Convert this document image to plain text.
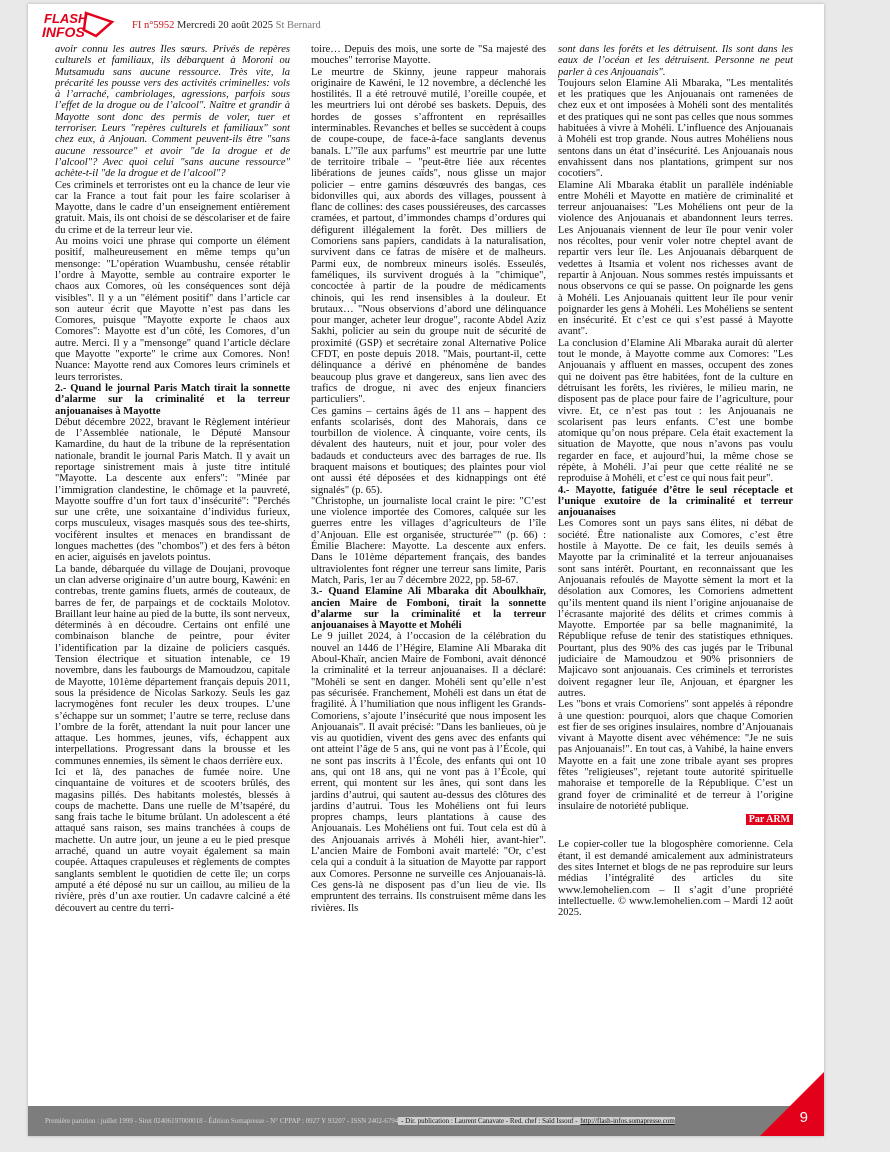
FLASH
INFOS	FI n°5952 Mercredi 20 août 2025 St Bernard

avoir connu les autres Îles sœurs. Privés de repères culturels et familiaux, ils débarquent à Moroni ou Mutsamudu sans aucune ressource. Très vite, la précarité les pousse vers des activités criminelles: vols à l’arraché, cambriolages, agressions, parfois sous l’effet de la drogue ou de l’alcool". Naître et grandir à Mayotte sont donc des permis de voler, tuer et terroriser. Leurs "repères culturels et familiaux" sont chez eux, à Anjouan. Comment peuvent-ils être "sans aucune ressource" et avoir "de la drogue et de l’alcool"? Avec quoi celui "sans aucune ressource" achète-t-il "de la drogue et de l’alcool"?

Ces criminels et terroristes ont eu la chance de leur vie car la France a tout fait pour les faire scolariser à Mayotte, dans le cadre d’un enseignement entièrement gratuit. Mais, ils ont choisi de se déscolariser et de faire du crime et de la terreur leur vie.

Au moins voici une phrase qui comporte un élément positif, malheureusement en même temps qu’un mensonge: "L’opération Wuambushu, censée rétablir l’ordre à Mayotte, semble au contraire exporter le chaos aux Comores, où les conséquences sont déjà visibles". Il y a un "élément positif" dans l’article car son auteur écrit que Mayotte n’est pas dans les Comores, puisque "Mayotte exporte le chaos aux Comores": Mayotte est d’un côté, les Comores, d’un autre. Merci. Il y a "mensonge" quand l’article déclare que Mayotte "exporte" le crime aux Comores. Non! Nuance: Mayotte rend aux Comores leurs criminels et leurs terroristes.

2.- Quand le journal Paris Match tirait la sonnette d’alarme sur la criminalité et la terreur anjouanaises à Mayotte

Début décembre 2022, bravant le Règlement intérieur de l’Assemblée nationale, le Député Mansour Kamardine, du haut de la tribune de la représentation nationale, brandit le journal Paris Match. Il y avait un reportage sinistrement mais à juste titre intitulé "Mayotte. La descente aux enfers": "Minée par l’immigration clandestine, le chômage et la pauvreté, Mayotte souffre d’un fort taux d’insécurité": "Perchés sur une crête, une soixantaine d’individus furieux, corps musculeux, visages masqués sous des tee-shirts, vocifèrent insultes et menaces en brandissant de longues machettes (des "chombos") et des fers à béton en acier, aiguisés en javelots pointus.

La bande, débarquée du village de Doujani, provoque un clan adverse originaire d’un autre bourg, Kawéni: en contrebas, trente gamins fluets, armés de couteaux, de barres de fer, de parpaings et de cocktails Molotov. Braillant leur haine au pied de la butte, ils sont nerveux, déterminés à en découdre. Certains ont enfilé une combinaison blanche de peintre, pour éviter l’identification par la dizaine de policiers casqués. Tension électrique et situation intenable, ce 19 novembre, dans les faubourgs de Mamoudzou, capitale de Mayotte, 101ème département français depuis 2011, sous la présidence de Nicolas Sarkozy. Seuls les gaz lacrymogènes font reculer les deux troupes. L’une s’échappe sur un sommet; l’autre se terre, recluse dans l’ombre de la forêt, attendant la nuit pour lancer une attaque. Les hommes, jeunes, vifs, échappent aux interpellations. Progressant dans la brousse et les communes ennemies, ils sèment le chaos derrière eux.

Ici et là, des panaches de fumée noire. Une cinquantaine de voitures et de scooters brûlés, des magasins pillés. Des habitants molestés, blessés à coups de machette. Dans une ruelle de M’tsapéré, du sang frais tache le bitume brûlant. Un adolescent a été attaqué sans raison, ses mains tranchées à coups de machette. Un autre jour, un jeune a eu le pied presque arraché, quand un autre voyait également sa main coupée. Attaques crapuleuses et règlements de comptes sanglants semblent le quotidien de cette île; un corps amputé a été déposé nu sur un caillou, au milieu de la rivière, près d’un axe routier. Un cadavre calciné a été découvert au centre du terri-

toire… Depuis des mois, une sorte de "Sa majesté des mouches" terrorise Mayotte.

Le meurtre de Skinny, jeune rappeur mahorais originaire de Kawéni, le 12 novembre, a déclenché les hostilités. Il a été retrouvé mutilé, l’oreille coupée, et les meurtriers lui ont dérobé ses baskets. Depuis, des hordes de gosses s’affrontent en représailles interminables. Revanches et belles se succèdent à coups de coupe-coupe, de face-à-face sanglants devenus banals. L’"île aux parfums" est meurtrie par une lutte de territoire tribale – "peut-être liée aux récentes libérations de jeunes caïds", nous glisse un major policier – entre gamins désœuvrés des bangas, ces bidonvilles qui, aux abords des villages, poussent à flanc de collines: des cases poussiéreuses, des carcasses cramées, et partout, d’immondes champs d’ordures qui défigurent illégalement la forêt. Des milliers de Comoriens sans papiers, candidats à la naturalisation, survivent dans ce fatras de misère et de malheurs. Parmi eux, de nombreux mineurs isolés. Esseulés, faméliques, ils survivent drogués à la "chimique", concoctée à partir de la poudre de médicaments chinois, qui les rend insensibles à la douleur. Et brutaux… "Nous observions d’abord une délinquance pour manger, acheter leur drogue", raconte Abdel Aziz Sakhi, policier au sein du groupe nuit de sécurité de proximité (GSP) et secrétaire zonal Alternative Police CFDT, en poste depuis 2018. "Mais, pourtant-il, cette délinquance a dérivé en phénomène de bandes beaucoup plus grave et dangereux, sans lien avec des trafics de drogue, ni avec des enjeux financiers particuliers".

Ces gamins – certains âgés de 11 ans – happent des enfants scolarisés, dont des Mahorais, dans ce tourbillon de violence. À cinquante, voire cents, ils dévalent des hauteurs, nuit et jour, pour voler des badauds et conducteurs avec des barrages de rue. Ils braquent maisons et boutiques; des plaintes pour viol ont aussi été déposées et des kidnappings ont été signalés" (p. 65).

"Christophe, un journaliste local craint le pire: "C’est une violence importée des Comores, calquée sur les guerres entre les villages d’agriculteurs de l’île d’Anjouan. Elle est organisée, structurée"" (p. 66) : Émilie Blachere: Mayotte. La descente aux enfers. Dans le 101ème département français, des bandes ultraviolentes font régner une terreur sans limite, Paris Match, Paris, 1er au 7 décembre 2022, pp. 58-67.

3.- Quand Elamine Ali Mbaraka dit Aboulkhaïr, ancien Maire de Fomboni, tirait la sonnette d’alarme sur la criminalité et la terreur anjouanaises à Mayotte et Mohéli

Le 9 juillet 2024, à l’occasion de la célébration du nouvel an 1446 de l’Hégire, Elamine Ali Mbaraka dit Aboul-Khaïr, ancien Maire de Fomboni, avait dénoncé la criminalité et la terreur anjouanaises. Il a déclaré: "Mohéli se sent en danger. Mohéli sent qu’elle n’est pas sécurisée. Franchement, Mohéli est dans un état de fragilité. À l’humiliation que nous infligent les Grands-Comoriens, s’ajoute l’insécurité que nous imposent les Anjouanais". Il avait précisé: "Dans les banlieues, où je vis au quotidien, vivent des gens avec des enfants qui ont atteint l’âge de 5 ans, qui ne vont pas à l’École, qui ne sont pas inscrits à l’École, des enfants qui ont 10 ans, qui ont 18 ans, qui ne vont pas à l’École, qui errent, qui montent sur les ânes, qui sont dans les jardins d’autrui, qui sautent au-dessus des clôtures des jardins d’autrui. Tous les Mohéliens ont fui leurs propres champs, leurs plantations à cause des Anjouanais. Les Mohéliens ont fui. Tout cela est dû à des Anjouanais arrivés à Mohéli hier, avant-hier". L’ancien Maire de Fomboni avait martelé: "Or, c’est cela qui a conduit à la situation de Mayotte par rapport aux Comores. Personne ne surveille ces Anjouanais-là. Ces gens-là ne disposent pas d’un lieu de vie. Ils empruntent des terrains. Ils construisent même dans les rivières. Ils

sont dans les forêts et les détruisent. Ils sont dans les eaux de l’océan et les détruisent. Personne ne peut parler à ces Anjouanais".

Toujours selon Elamine Ali Mbaraka, "Les mentalités et les pratiques que les Anjouanais ont ramenées de chez eux et ont imposées à Mohéli sont des mentalités et des pratiques qui ne sont pas celles que nous sommes habituées à vivre à Mohéli. L’influence des Anjouanais à Mohéli est trop grande. Nous autres Mohéliens nous sentons dans un état d’insécurité. Les Anjouanais nous envahissent dans nos plantations, grimpent sur nos cocotiers".

Elamine Ali Mbaraka établit un parallèle indéniable entre Mohéli et Mayotte en matière de criminalité et terreur anjouanaises: "Les Mohéliens ont peur de la violence des Anjouanais et abandonnent leurs terres. Les Anjouanais viennent de leur île pour venir voler nos récoltes, pour venir voler notre cheptel avant de repartir vers leur île. Les Anjouanais débarquent de vedettes à Itsamia et volent nos richesses avant de repartir à Anjouan. Nous sommes restés impuissants et nous observons ce qui se passe. On poignarde les gens à Mohéli. Les Anjouanais quittent leur île pour venir poignarder les gens à Mohéli. Les Mohéliens se sentent en insécurité. Et c’est ce qui s’est passé à Mayotte avant".

La conclusion d’Elamine Ali Mbaraka aurait dû alerter tout le monde, à Mayotte comme aux Comores: "Les Anjouanais y affluent en masses, occupent des zones qui ne doivent pas être habitées, font de la culture en détruisant les forêts, les rivières, le milieu marin, ne disposent pas de place pour faire de l’agriculture, pour vivre. Et, ce n’est pas tout : les Anjouanais ne scolarisent pas leurs enfants. C’est une bombe atomique qu’on nous prépare. Cela était exactement la situation de Mayotte, que nous n’avons pas voulu regarder en face, et aujourd’hui, la même chose se répète, à Mohéli. J’ai peur que cette réalité ne se reproduise à Mohéli, et c’est ce qui nous fait peur".

4.- Mayotte, fatiguée d’être le seul réceptacle et l’unique exutoire de la criminalité et terreur anjouanaises

Les Comores sont un pays sans élites, ni débat de société. Être nationaliste aux Comores, c’est être hostile à Mayotte. De ce fait, les deuils semés à Mayotte par la criminalité et la terreur anjouanaises sont sans intérêt. Pourtant, en reconnaissant que les Anjouanais refoulés de Mayotte sèment la mort et la désolation aux Comores, les Comoriens admettent qu’ils mentent quand ils nient l’origine anjouanaise de l’écrasante majorité des délits et crimes commis à Mayotte. Emportée par sa belle magnanimité, la République refuse de tenir des statistiques ethniques. Pourtant, plus des 90% des cas jugés par le Tribunal judiciaire de Mamoudzou et 90% prisonniers de Majicavo sont anjouanais. Ces criminels et terroristes doivent regagner leur île, Anjouan, et épargner les autres.

Les "bons et vrais Comoriens" sont appelés à répondre à une question: pourquoi, alors que chaque Comorien est fier de ses origines insulaires, nombre d’Anjouanais vivant à Mayotte disent avec véhémence: "Je ne suis pas Anjouanais!". En tout cas, à Vahibé, la haine envers Mayotte en a fait une zone tribale ayant ses propres fêtes "religieuses", rejetant toute autorité spirituelle mahoraise et temporelle de la République. C’est un grand foyer de criminalité et de terreur à l’origine insulaire de notoriété publique.

Par ARM

Le copier-coller tue la blogosphère comorienne. Cela étant, il est demandé amicalement aux administrateurs des sites Internet et blogs de ne pas reproduire sur leurs médias l’intégralité des articles du site www.lemohelien.com – Il s’agit d’une propriété intellectuelle. © www.lemohelien.com – Mardi 12 août 2025.

Première parution : juillet 1999 - Siret 02406197000018 - Édition Somapresse - N° CPPAP : 0927 Y 93207 - ISSN 2402-6794 - Dir. publication : Laurent Canavate - Red. chef : Saïd Issouf - http://flash-infos.somapresse.com	9
